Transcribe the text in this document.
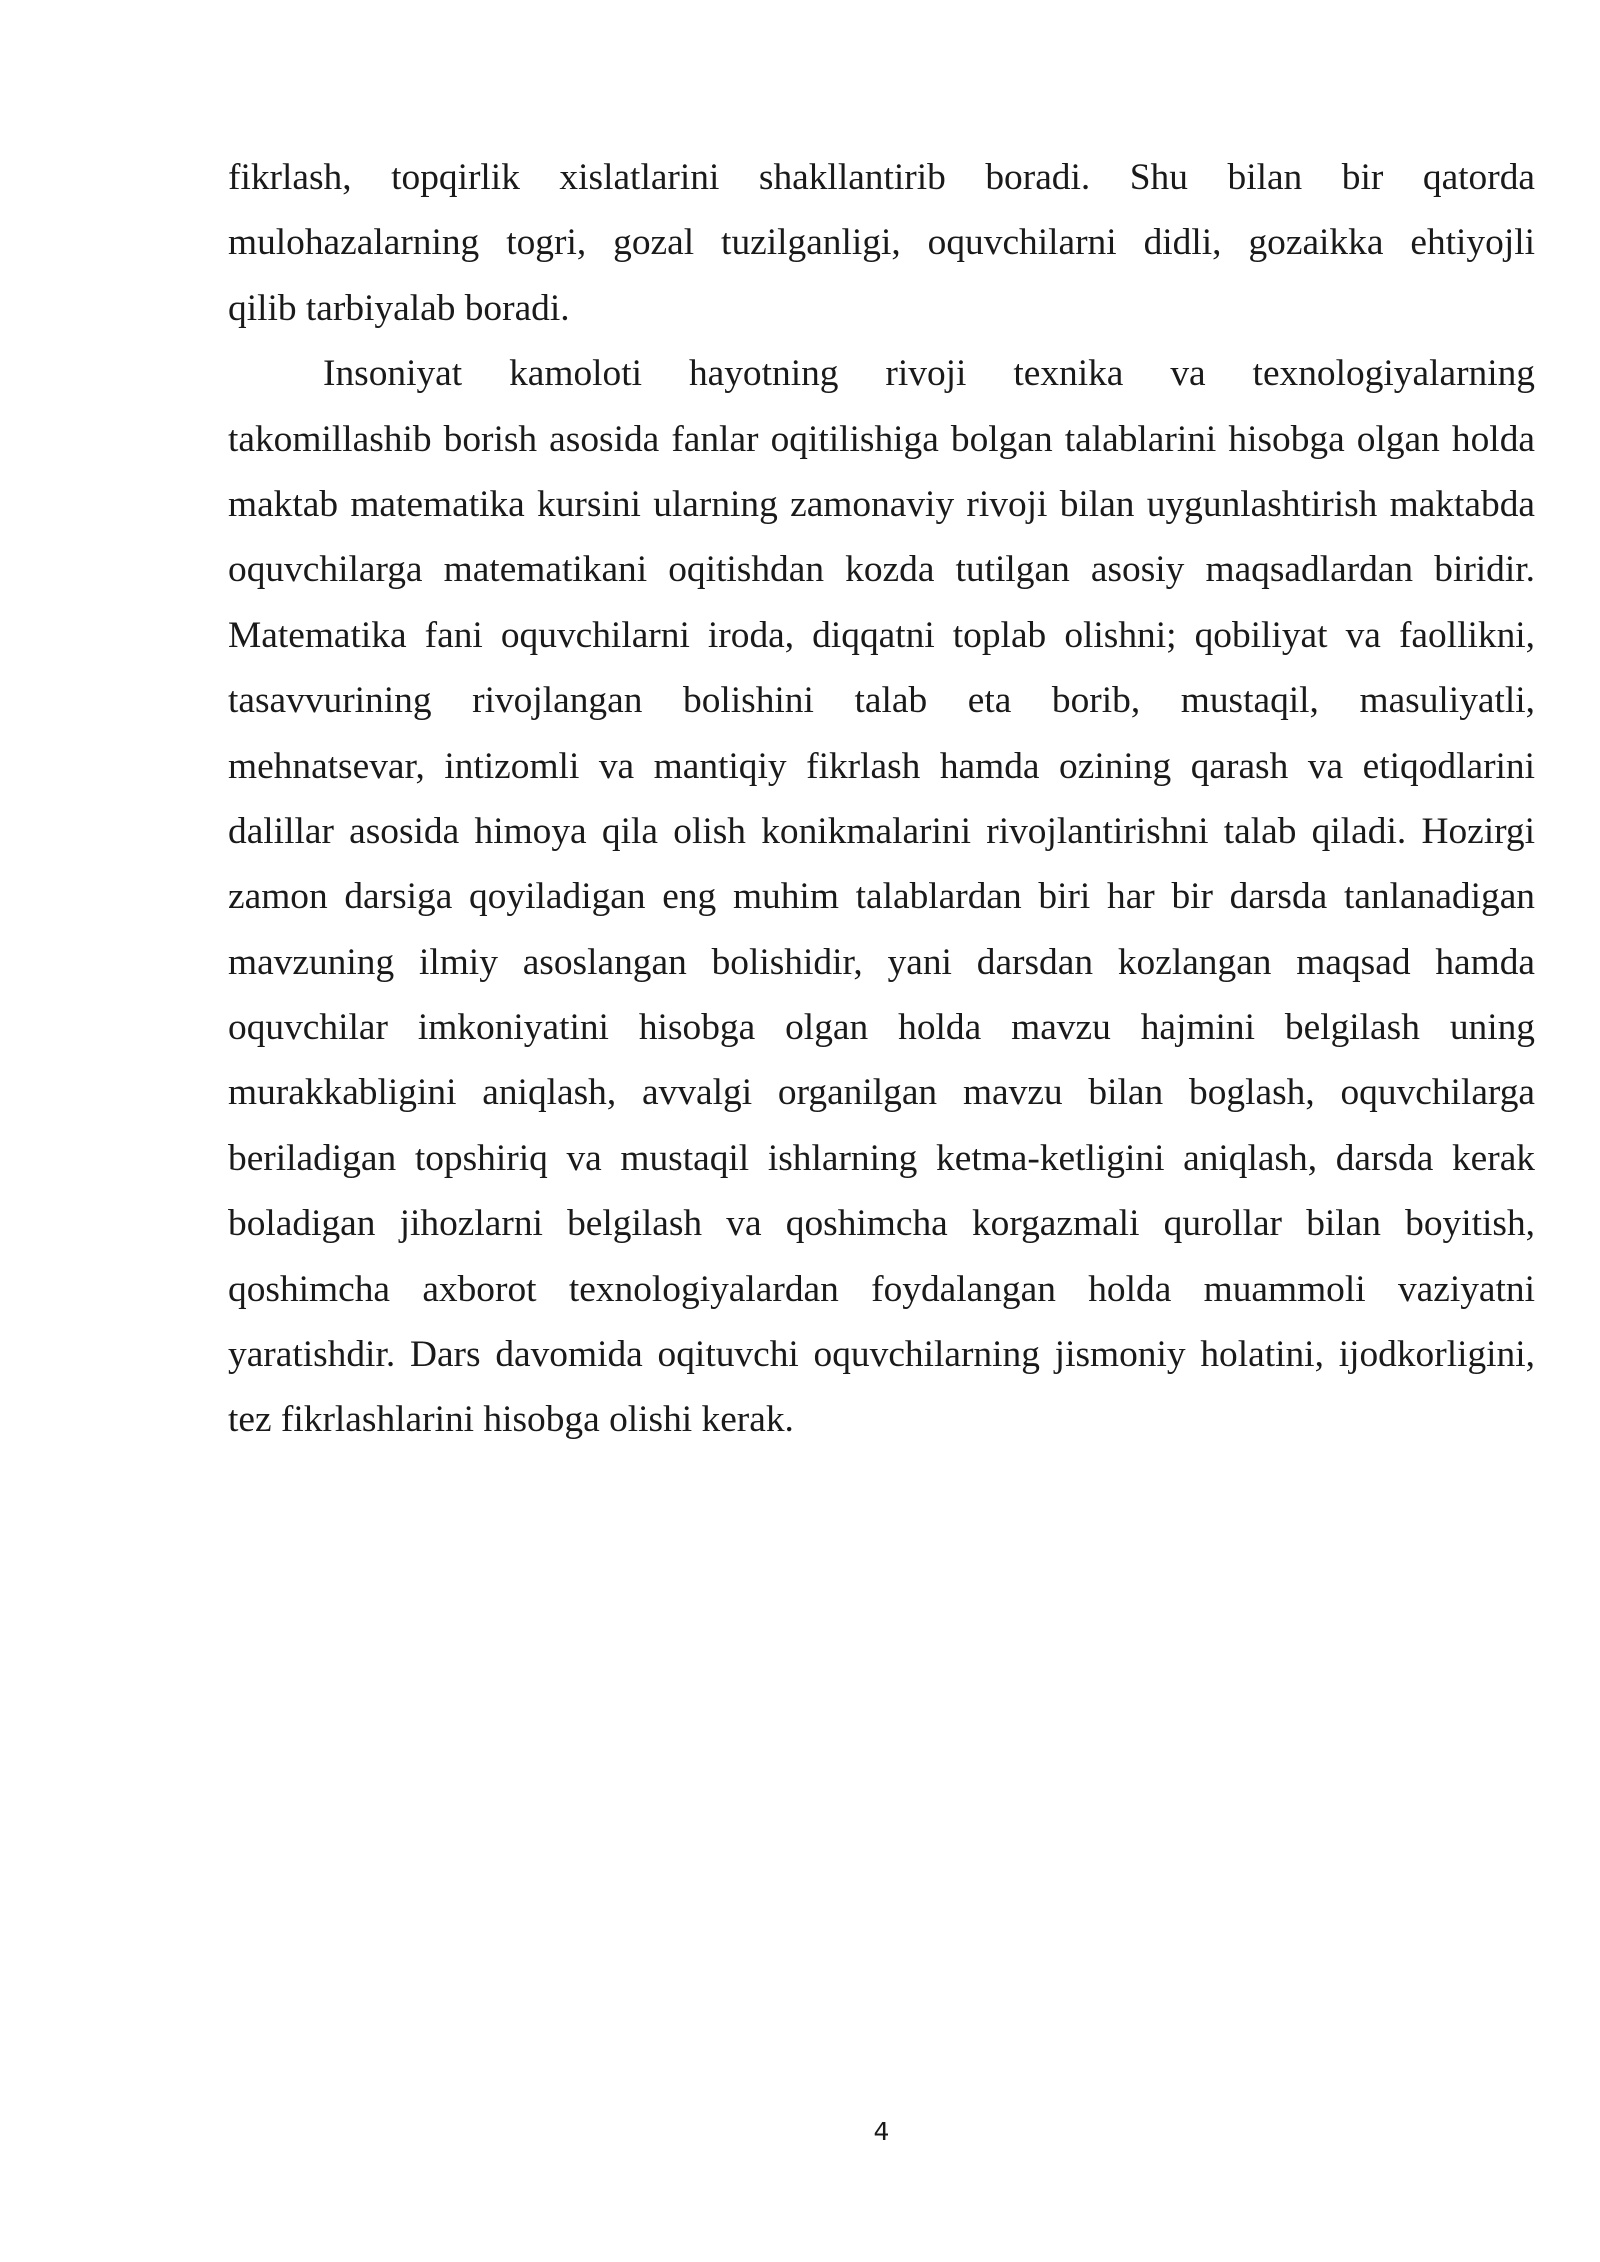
fikrlash, topqirlik xislatlarini shakllantirib boradi. Shu bilan bir qatorda
mulohazalarning togri, gozal tuzilganligi, oquvchilarni didli, gozaikka ehtiyojli
qilib tarbiyalab boradi.
Insoniyat kamoloti hayotning rivoji texnika va texnologiyalarning
takomillashib borish asosida fanlar oqitilishiga bolgan talablarini hisobga olgan holda
maktab matematika kursini ularning zamonaviy rivoji bilan uygunlashtirish maktabda
oquvchilarga matematikani oqitishdan kozda tutilgan asosiy maqsadlardan biridir.
Matematika fani oquvchilarni iroda, diqqatni toplab olishni; qobiliyat va faollikni,
tasavvurining rivojlangan bolishini talab eta borib, mustaqil, masuliyatli,
mehnatsevar, intizomli va mantiqiy fikrlash hamda ozining qarash va etiqodlarini
dalillar asosida himoya qila olish konikmalarini rivojlantirishni talab qiladi. Hozirgi
zamon darsiga qoyiladigan eng muhim talablardan biri har bir darsda tanlanadigan
mavzuning ilmiy asoslangan bolishidir, yani darsdan kozlangan maqsad hamda
oquvchilar imkoniyatini hisobga olgan holda mavzu hajmini belgilash uning
murakkabligini aniqlash, avvalgi organilgan mavzu bilan boglash, oquvchilarga
beriladigan topshiriq va mustaqil ishlarning ketma-ketligini aniqlash, darsda kerak
boladigan jihozlarni belgilash va qoshimcha korgazmali qurollar bilan boyitish,
qoshimcha axborot texnologiyalardan foydalangan holda muammoli vaziyatni
yaratishdir. Dars davomida oqituvchi oquvchilarning jismoniy holatini, ijodkorligini,
tez fikrlashlarini hisobga olishi kerak.
4
